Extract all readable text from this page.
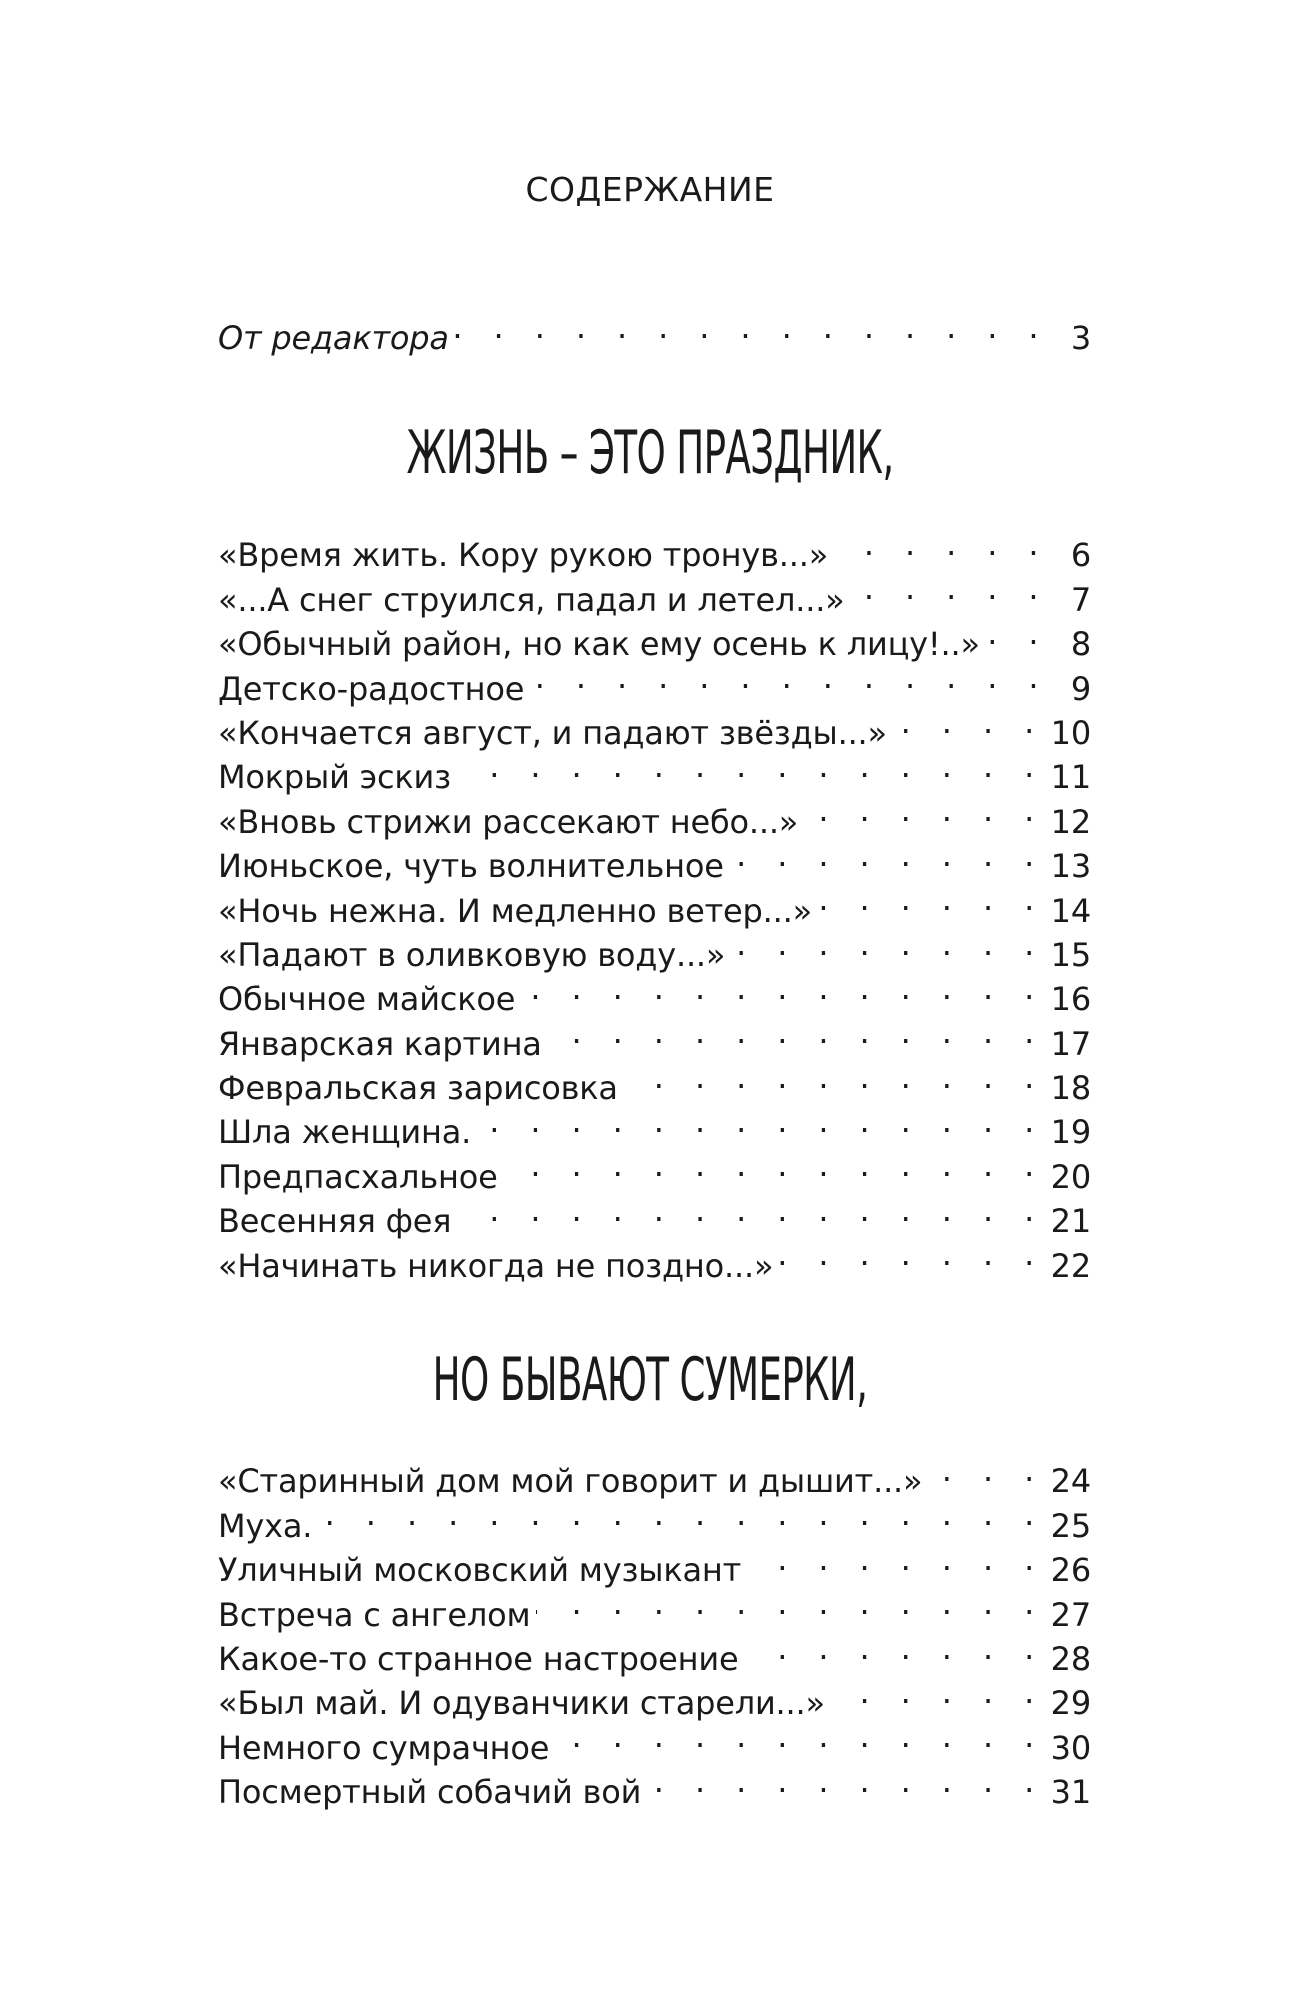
СОДЕРЖАНИЕ
От редактора . . .	3
ЖИЗНЬ – ЭТО ПРАЗДНИК,
«Время жить. Кору рукою тронув...» . . .	6
«...А снег струился, падал и летел...» . . .	7
«Обычный район, но как ему осень к лицу!..» . . .	8
Детско-радостное . . .	9
«Кончается август, и падают звёзды...» . . .	10
Мокрый эскиз . . .	11
«Вновь стрижи рассекают небо...» . . .	12
Июньское, чуть волнительное . . .	13
«Ночь нежна. И медленно ветер...» . . .	14
«Падают в оливковую воду...» . . .	15
Обычное майское . . .	16
Январская картина . . .	17
Февральская зарисовка . . .	18
Шла женщина. . . .	19
Предпасхальное . . .	20
Весенняя фея . . .	21
«Начинать никогда не поздно...» . . .	22
НО БЫВАЮТ СУМЕРКИ,
«Старинный дом мой говорит и дышит...» . . .	24
Муха. . . .	25
Уличный московский музыкант . . .	26
Встреча с ангелом . . .	27
Какое-то странное настроение . . .	28
«Был май. И одуванчики старели...» . . .	29
Немного сумрачное . . .	30
Посмертный собачий вой . . .	31
